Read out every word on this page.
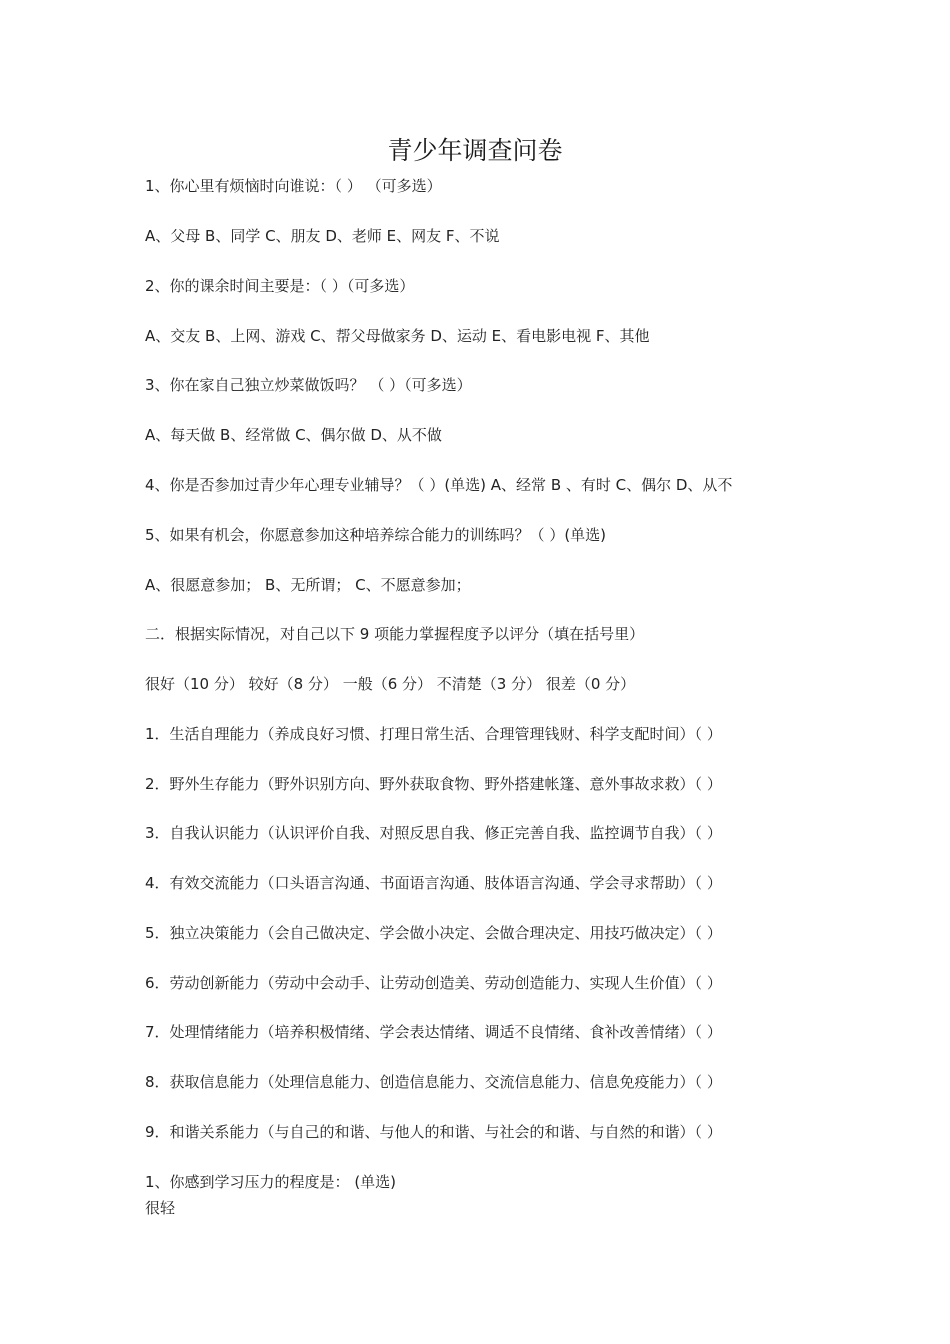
青少年调查问卷
1、你心里有烦恼时向谁说：（ ） （可多选）
A、父母 B、同学 C、朋友 D、老师 E、网友 F、不说
2、你的课余时间主要是：（ ）（可多选）
A、交友 B、上网、游戏 C、帮父母做家务 D、运动 E、看电影电视 F、其他
3、你在家自己独立炒菜做饭吗？ （ ）（可多选）
A、每天做 B、经常做 C、偶尔做 D、从不做
4、你是否参加过青少年心理专业辅导？（ ）(单选) A、经常 B 、有时 C、偶尔 D、从不
5、如果有机会，你愿意参加这种培养综合能力的训练吗？（ ）(单选)
A、很愿意参加； B、无所谓； C、不愿意参加；
二．根据实际情况，对自己以下 9 项能力掌握程度予以评分（填在括号里）
很好（10 分） 较好（8 分） 一般（6 分） 不清楚（3 分） 很差（0 分）
1．生活自理能力（养成良好习惯、打理日常生活、合理管理钱财、科学支配时间）（ ）
2．野外生存能力（野外识别方向、野外获取食物、野外搭建帐篷、意外事故求救）（ ）
3．自我认识能力（认识评价自我、对照反思自我、修正完善自我、监控调节自我）（ ）
4．有效交流能力（口头语言沟通、书面语言沟通、肢体语言沟通、学会寻求帮助）（ ）
5．独立决策能力（会自己做决定、学会做小决定、会做合理决定、用技巧做决定）（ ）
6．劳动创新能力（劳动中会动手、让劳动创造美、劳动创造能力、实现人生价值）（ ）
7．处理情绪能力（培养积极情绪、学会表达情绪、调适不良情绪、食补改善情绪）（ ）
8．获取信息能力（处理信息能力、创造信息能力、交流信息能力、信息免疫能力）（ ）
9．和谐关系能力（与自己的和谐、与他人的和谐、与社会的和谐、与自然的和谐）（ ）
1、你感到学习压力的程度是： (单选)
很轻
